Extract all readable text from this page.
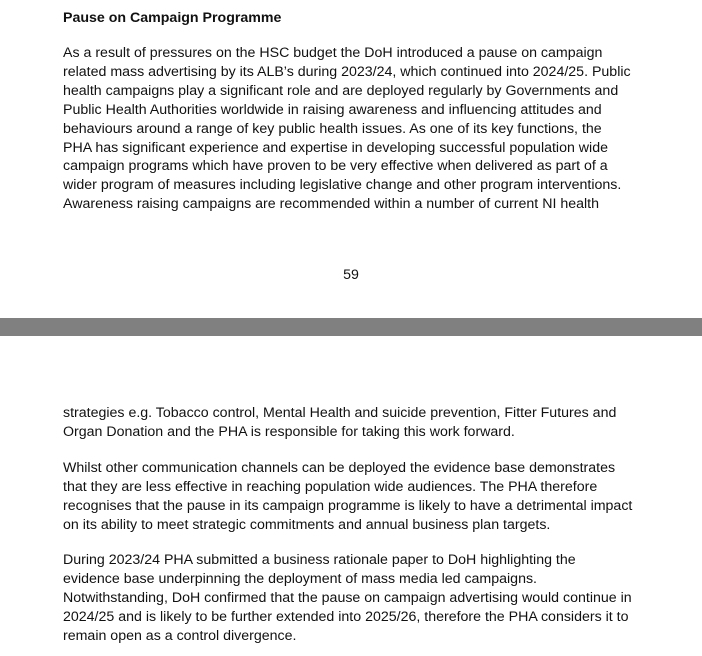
Pause on Campaign Programme

As a result of pressures on the HSC budget the DoH introduced a pause on campaign
related mass advertising by its ALB’s during 2023/24, which continued into 2024/25. Public
health campaigns play a significant role and are deployed regularly by Governments and
Public Health Authorities worldwide in raising awareness and influencing attitudes and
behaviours around a range of key public health issues. As one of its key functions, the
PHA has significant experience and expertise in developing successful population wide
campaign programs which have proven to be very effective when delivered as part of a
wider program of measures including legislative change and other program interventions.
Awareness raising campaigns are recommended within a number of current NI health

59

strategies e.g. Tobacco control, Mental Health and suicide prevention, Fitter Futures and
Organ Donation and the PHA is responsible for taking this work forward.

Whilst other communication channels can be deployed the evidence base demonstrates
that they are less effective in reaching population wide audiences. The PHA therefore
recognises that the pause in its campaign programme is likely to have a detrimental impact
on its ability to meet strategic commitments and annual business plan targets.

During 2023/24 PHA submitted a business rationale paper to DoH highlighting the
evidence base underpinning the deployment of mass media led campaigns.
Notwithstanding, DoH confirmed that the pause on campaign advertising would continue in
2024/25 and is likely to be further extended into 2025/26, therefore the PHA considers it to
remain open as a control divergence.
